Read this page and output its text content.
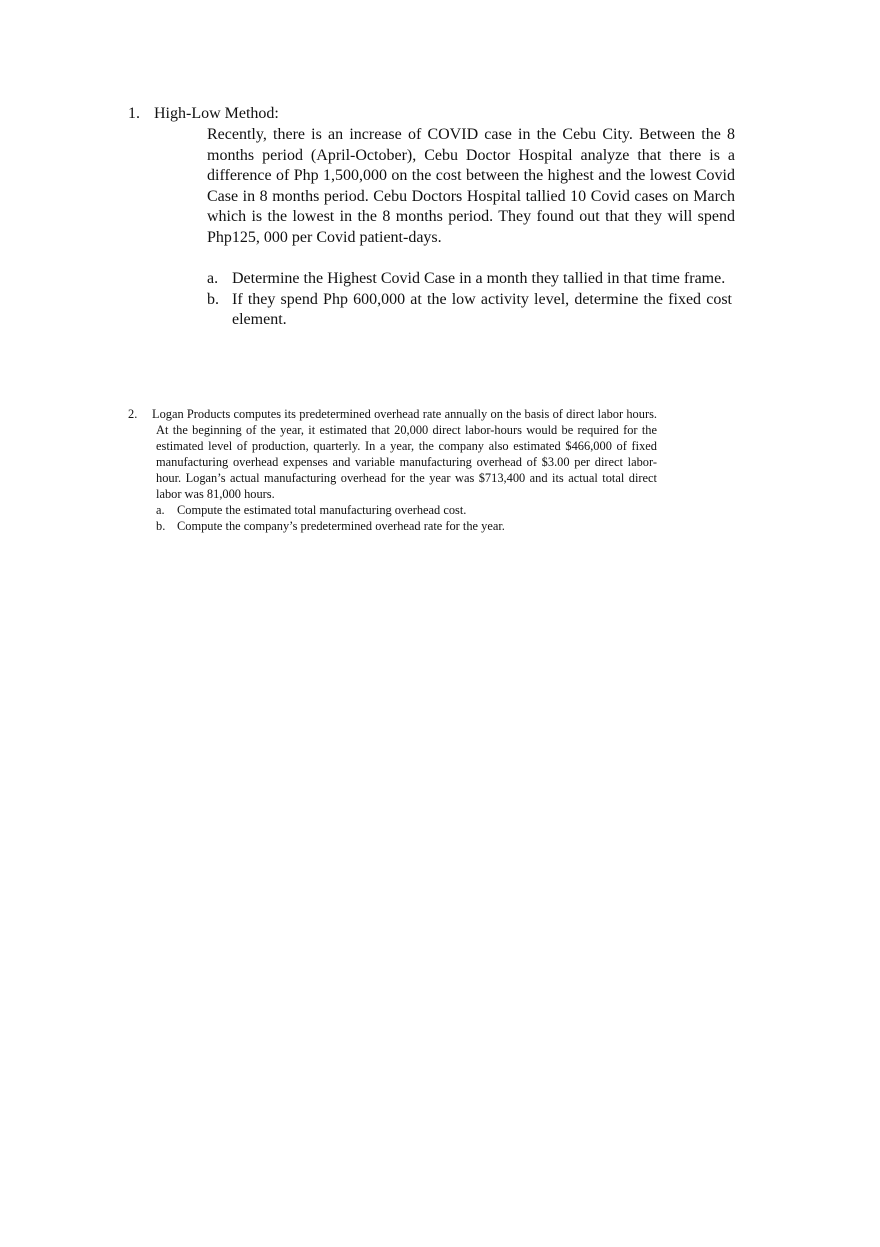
1. High-Low Method:

Recently, there is an increase of COVID case in the Cebu City. Between the 8 months period (April-October), Cebu Doctor Hospital analyze that there is a difference of Php 1,500,000 on the cost between the highest and the lowest Covid Case in 8 months period. Cebu Doctors Hospital tallied 10 Covid cases on March which is the lowest in the 8 months period. They found out that they will spend Php125, 000 per Covid patient-days.

a. Determine the Highest Covid Case in a month they tallied in that time frame.
b. If they spend Php 600,000 at the low activity level, determine the fixed cost element.
2. Logan Products computes its predetermined overhead rate annually on the basis of direct labor hours. At the beginning of the year, it estimated that 20,000 direct labor-hours would be required for the estimated level of production, quarterly. In a year, the company also estimated $466,000 of fixed manufacturing overhead expenses and variable manufacturing overhead of $3.00 per direct labor-hour. Logan’s actual manufacturing overhead for the year was $713,400 and its actual total direct labor was 81,000 hours.
a. Compute the estimated total manufacturing overhead cost.
b. Compute the company’s predetermined overhead rate for the year.
